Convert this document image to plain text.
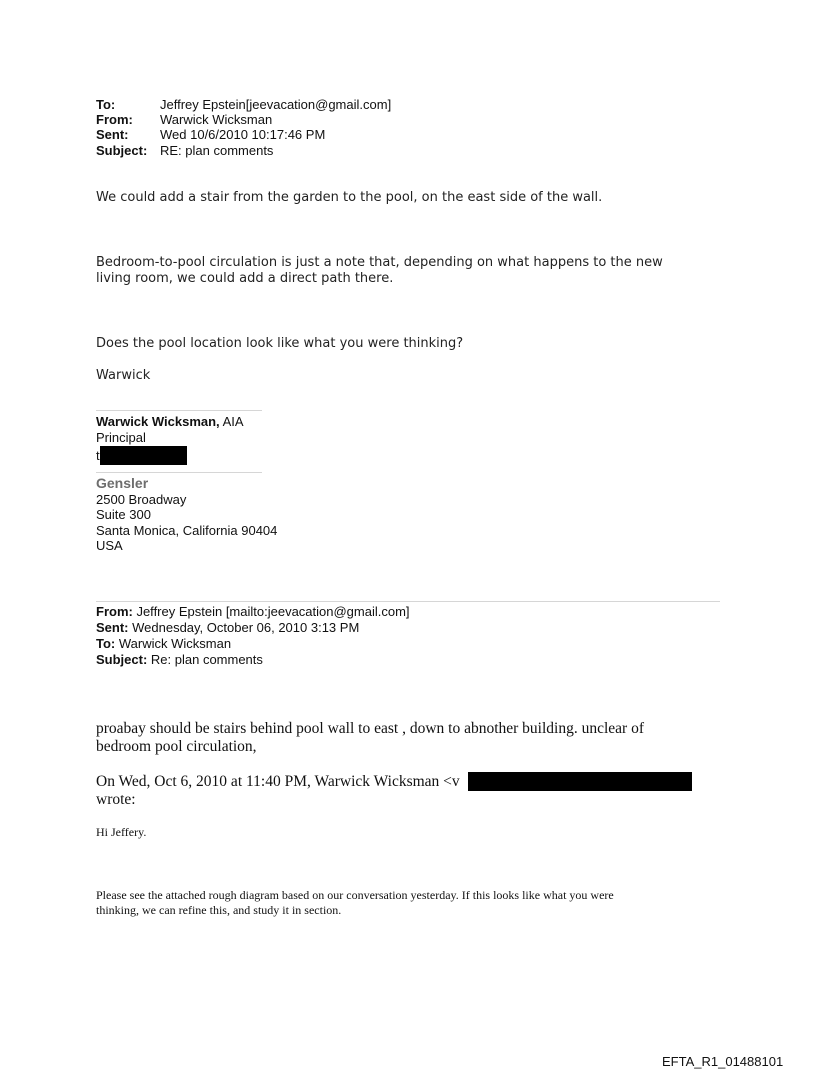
To:	Jeffrey Epstein[jeevacation@gmail.com]
From: Warwick Wicksman
Sent: Wed 10/6/2010 10:17:46 PM
Subject: RE: plan comments
We could add a stair from the garden to the pool, on the east side of the wall.
Bedroom-to-pool circulation is just a note that, depending on what happens to the new
living room, we could add a direct path there.
Does the pool location look like what you were thinking?
Warwick
Warwick Wicksman, AIA
Principal
t
Gensler
2500 Broadway
Suite 300
Santa Monica, California 90404
USA
From: Jeffrey Epstein [mailto:jeevacation@gmail.com]
Sent: Wednesday, October 06, 2010 3:13 PM
To: Warwick Wicksman
Subject: Re: plan comments
proabay should be stairs behind pool wall to east , down to abnother building. unclear of
bedroom pool circulation,
On Wed, Oct 6, 2010 at 11:40 PM, Warwick Wicksman <v
wrote:
Hi Jeffery.
Please see the attached rough diagram based on our conversation yesterday. If this looks like what you were
thinking, we can refine this, and study it in section.
EFTA_R1_01488101
